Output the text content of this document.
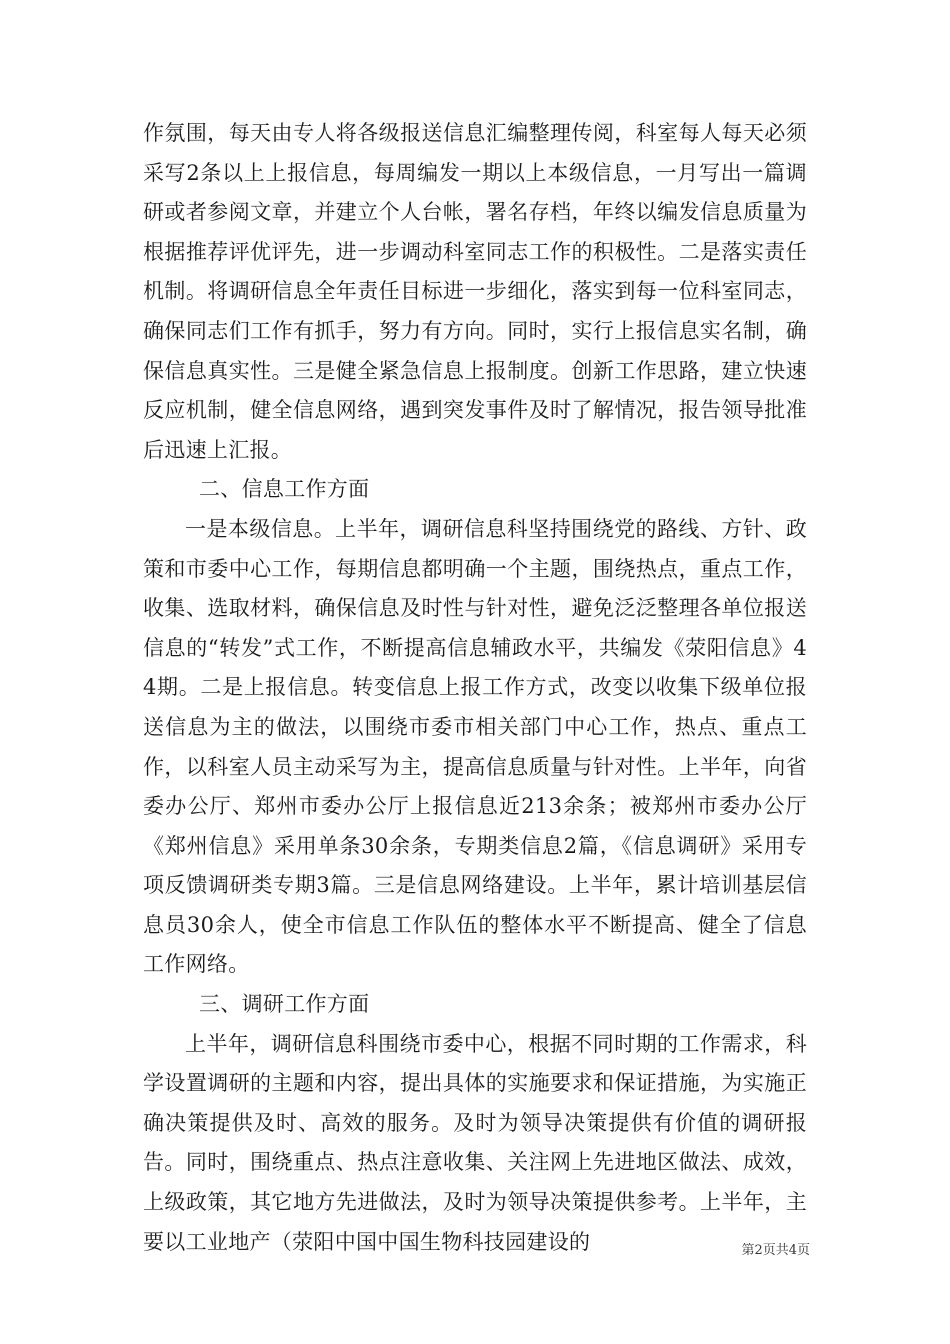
作氛围，每天由专人将各级报送信息汇编整理传阅，科室每人每天必须采写2条以上上报信息，每周编发一期以上本级信息，一月写出一篇调研或者参阅文章，并建立个人台帐，署名存档，年终以编发信息质量为根据推荐评优评先，进一步调动科室同志工作的积极性。二是落实责任机制。将调研信息全年责任目标进一步细化，落实到每一位科室同志，确保同志们工作有抓手，努力有方向。同时，实行上报信息实名制，确保信息真实性。三是健全紧急信息上报制度。创新工作思路，建立快速反应机制，健全信息网络，遇到突发事件及时了解情况，报告领导批准后迅速上汇报。

二、信息工作方面

一是本级信息。上半年，调研信息科坚持围绕党的路线、方针、政策和市委中心工作，每期信息都明确一个主题，围绕热点，重点工作，收集、选取材料，确保信息及时性与针对性，避免泛泛整理各单位报送信息的“转发”式工作，不断提高信息辅政水平，共编发《荥阳信息》44期。二是上报信息。转变信息上报工作方式，改变以收集下级单位报送信息为主的做法，以围绕市委市相关部门中心工作，热点、重点工作，以科室人员主动采写为主，提高信息质量与针对性。上半年，向省委办公厅、郑州市委办公厅上报信息近213余条；被郑州市委办公厅《郑州信息》采用单条30余条，专期类信息2篇，《信息调研》采用专项反馈调研类专期3篇。三是信息网络建设。上半年，累计培训基层信息员30余人，使全市信息工作队伍的整体水平不断提高、健全了信息工作网络。

三、调研工作方面

上半年，调研信息科围绕市委中心，根据不同时期的工作需求，科学设置调研的主题和内容，提出具体的实施要求和保证措施，为实施正确决策提供及时、高效的服务。及时为领导决策提供有价值的调研报告。同时，围绕重点、热点注意收集、关注网上先进地区做法、成效，上级政策，其它地方先进做法，及时为领导决策提供参考。上半年，主要以工业地产（荥阳中国中国生物科技园建设的	第2页共4页
